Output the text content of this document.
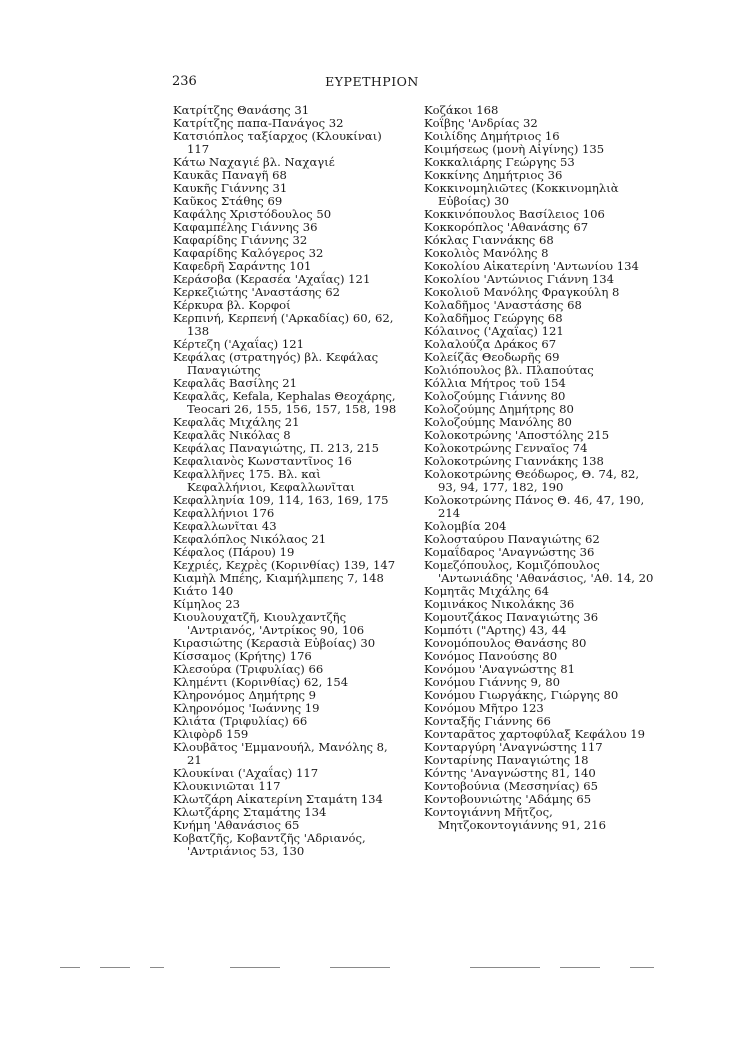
236	ΕΥΡΕΤΗΡΙΟΝ
Κατρίτζης Θανάσης 31
Κατρίτζης παπα-Πανάγος 32
Κατσιόπλος ταξίαρχος (Κλουκίναι) 117
Κάτω Ναχαγιέ βλ. Ναχαγιέ
Καυκᾶς Παναγῆ 68
Καυκῆς Γιάννης 31
Καῦκος Στάθης 69
Καφάλης Χριστόδουλος 50
Καφαμπέλης Γιάννης 36
Καφαρίδης Γιάννης 32
Καφαρίδης Καλόγερος 32
Καφεδρῆ Σαράντης 101
Κεράσοβα (Κερασέα 'Αχαΐας) 121
Κερκεζιώτης 'Αναστάσης 62
Κέρκυρα βλ. Κορφοί
Κερπινή, Κερπενή ('Αρκαδίας) 60, 62, 138
Κέρτεζη ('Αχαΐας) 121
Κεφάλας (στρατηγός) βλ. Κεφάλας Παναγιώτης
Κεφαλᾶς Βασίλης 21
Κεφαλᾶς, Kefala, Kephalas Θεοχάρης, Teocari 26, 155, 156, 157, 158, 198
Κεφαλᾶς Μιχάλης 21
Κεφαλᾶς Νικόλας 8
Κεφάλας Παναγιώτης, Π. 213, 215
Κεφαλιανὸς Κωνσταντῖνος 16
Κεφαλλῆνες 175. Βλ. καὶ Κεφαλλήνιοι, Κεφαλλωνῖται
Κεφαλληνία 109, 114, 163, 169, 175
Κεφαλλήνιοι 176
Κεφαλλωνῖται 43
Κεφαλόπλος Νικόλαος 21
Κέφαλος (Πάρου) 19
Κεχριές, Κεχρὲς (Κορινθίας) 139, 147
Κιαμὴλ Μπέης, Κιαμήλμπεης 7, 148
Κιάτο 140
Κίμηλος 23
Κιουλουχατζῆ, Κιουλχαντζῆς 'Αντριανός, 'Αντρίκος 90, 106
Κιρασιώτης (Κερασιὰ Εὐβοίας) 30
Κίσσαμος (Κρήτης) 176
Κλεσούρα (Τριφυλίας) 66
Κλημέντι (Κορινθίας) 62, 154
Κληρονόμος Δημήτρης 9
Κληρονόμος 'Ιωάννης 19
Κλιάτα (Τριφυλίας) 66
Κλιφὸρδ 159
Κλουβᾶτος 'Εμμανουήλ, Μανόλης 8, 21
Κλουκίναι ('Αχαΐας) 117
Κλουκινιῶται 117
Κλωτζάρη Αἰκατερίνη Σταμάτη 134
Κλωτζάρης Σταμάτης 134
Κνήμη 'Αθανάσιος 65
Κοβατζῆς, Κοβαντζῆς 'Αδριανός, 'Αντριάνιος 53, 130
Κοζάκοι 168
Κοΐβης 'Ανδρίας 32
Κοιλίδης Δημήτριος 16
Κοιμήσεως (μονὴ Αἰγίνης) 135
Κοκκαλιάρης Γεώργης 53
Κοκκίνης Δημήτριος 36
Κοκκινομηλιῶτες (Κοκκινομηλιὰ Εὐβοίας) 30
Κοκκινόπουλος Βασίλειος 106
Κοκκορόπλος 'Αθανάσης 67
Κόκλας Γιαννάκης 68
Κοκολιὸς Μανόλης 8
Κοκολίου Αἰκατερίνη 'Αντωνίου 134
Κοκολίου 'Αντώνιος Γιάννη 134
Κοκολιοῦ Μανόλης Φραγκούλη 8
Κολαδῆμος 'Αναστάσης 68
Κολαδῆμος Γεώργης 68
Κόλαινος ('Αχαΐας) 121
Κολαλούζα Δράκος 67
Κολείζᾶς Θεοδωρῆς 69
Κολιόπουλος βλ. Πλαπούτας
Κόλλια Μήτρος τοῦ 154
Κολοζούμης Γιάννης 80
Κολοζούμης Δημήτρης 80
Κολοζούμης Μανόλης 80
Κολοκοτρώνης 'Αποστόλης 215
Κολοκοτρώνης Γενναῖος 74
Κολοκοτρώνης Γιαννάκης 138
Κολοκοτρώνης Θεόδωρος, Θ. 74, 82, 93, 94, 177, 182, 190
Κολοκοτρώνης Πάνος Θ. 46, 47, 190, 214
Κολομβία 204
Κολοσταύρου Παναγιώτης 62
Κομαΐδαρος 'Αναγνώστης 36
Κομεζόπουλος, Κομιζόπουλος 'Αντωνιάδης 'Αθανάσιος, 'Αθ. 14, 20
Κομητᾶς Μιχάλης 64
Κομινάκος Νικολάκης 36
Κομουτζάκος Παναγιώτης 36
Κομπότι ("Αρτης) 43, 44
Κονομόπουλος Θανάσης 80
Κονόμος Πανούσης 80
Κονόμου 'Αναγνώστης 81
Κονόμου Γιάννης 9, 80
Κονόμου Γιωργάκης, Γιώργης 80
Κονόμου Μῆτρο 123
Κονταξῆς Γιάννης 66
Κονταρᾶτος χαρτοφύλαξ Κεφάλου 19
Κονταργύρη 'Αναγνώστης 117
Κονταρίνης Παναγιώτης 18
Κόντης 'Αναγνώστης 81, 140
Κοντοβούνια (Μεσσηνίας) 65
Κοντοβουνιώτης 'Αδάμης 65
Κοντογιάννη Μῆτζος, Μητζοκοντογιάννης 91, 216
